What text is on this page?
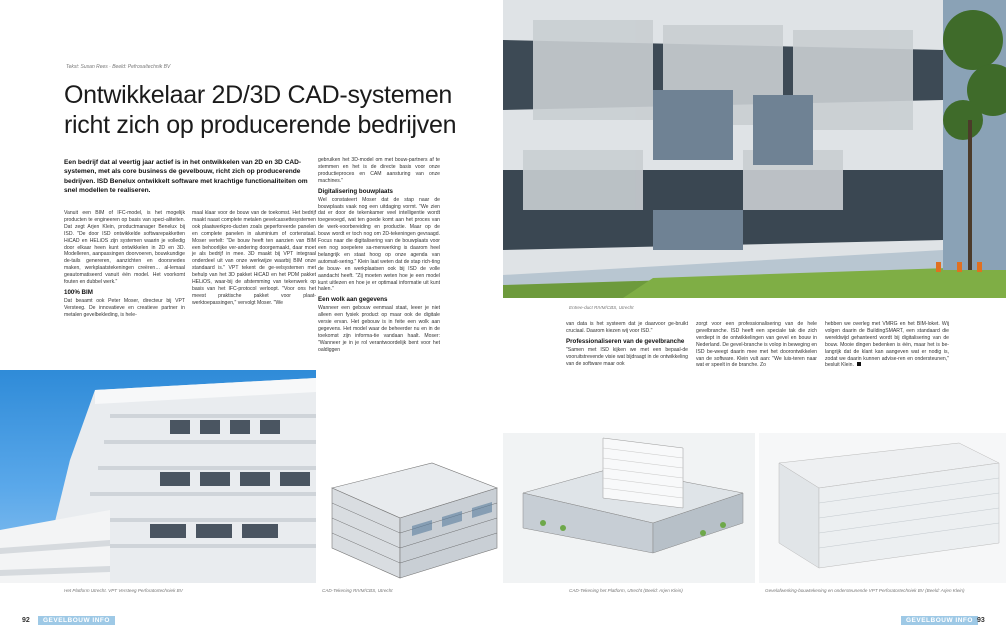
Tekst: Susan Rees · Beeld: Pefrosa/technik BV
Ontwikkelaar 2D/3D CAD-systemen
richt zich op producerende bedrijven
Een bedrijf dat al veertig jaar actief is in het ontwikkelen van 2D en 3D CAD-systemen, met als core business de gevelbouw, richt zich op producerende bedrijven. ISD Benelux ontwikkelt software met krachtige functionaliteiten om snel modellen te realiseren.

Vanuit een BIM of IFC-model, is het mogelijk producten te engineeren op basis van speci-aliteiten. Dat zegt Arjen Klein, productmanager Benelux bij ISD. "De door ISD ontwikkelde softwarepakketten HiCAD en HELiOS zijn systemen waarin je volledig door elkaar heen kunt ontwikkelen in 2D en 3D. Modelleren, aanpassingen doorvoeren, bouwkundige de-tails genereren, aanzichten en doorsnedes maken, werkplaatstekeningen creëren… al-lemaal geautomatiseerd vanuit één model. Het voorkomt fouten en dubbel werk."

100% BIM

Dat beaamt ook Peter Moser, directeur bij VPT Versteeg. De innovatieve en creatieve partner in metalen gevelbekleding, is hele-

maal klaar voor de bouw van de toekomst. Het bedrijf maakt naast complete metalen gevelcassettesystemen ook plaatwerkpro-ducten zoals geperforeerde panelen en complete panelen in aluminium of cortenstaal. Moser vertelt: "De bouw heeft ten aanzien van BIM een behoorlijke ver-andering doorgemaakt, daar moet je als bedrijf in mee. 3D maakt bij VPT integraal onderdeel uit van onze werkwijze waarbij BIM onze standaard is." VPT tekent de ge-velsystemen met behulp van het 3D pakket HiCAD en het PDM pakket HELiOS, waar-bij de afstemming van tekenwerk op basis van het IFC-protocol verloopt. "Voor ons het meest praktische pakket voor plaat-werktoepassingen," vervolgt Moser. "We

Het Platform Utrecht. VPT Versteeg Perforatortechniek BV	CAD-Tekening RIVM/CBS, Utrecht
92	GEVELBOUW INFO
Entree-duct RIVM/CBS, Utrecht

gebruiken het 3D-model om met bouw-partners af te stemmen en het is de directe basis voor onze productieproces en CAM aansturing van onze machines."

Digitalisering bouwplaats

Wel constateert Moser dat de stap naar de bouwplaats vaak nog een uitdaging vormt. "We zien dat er door de tekenkamer veel intelligentie wordt toegevoegd, wat ten goede komt aan het proces van de werk-voorbereiding en productie. Maar op de bouw wordt er toch nog om 2D-tekeningen gevraagd. Focus naar die digitalisering van de bouwplaats voor een nog soepelere sa-menwerking is daarom heel belangrijk en staat hoog op onze agenda van automati-sering." Klein laat weten dat de stap rich-ting de bouw- en werkplaatsen ook bij ISD de volle aandacht heeft. "Zij moeten weten hoe je een model kunt uitlezen en hoe je er optimaal informatie uit kunt halen."

Een wolk aan gegevens

Wanneer een gebouw eenmaal staat, leeer je niet alleen een fysiek product op maar ook de digitale versie ervan. Het gebouw is in feite een wolk aan gegevens. Het model waar de beheerder nu en in de toekomst zijn informa-tie vandaan haalt. Moser: "Wanneer je in je rol verantwoordelijk bent voor het oaldiggen

van data is het systeem dat je daarvoor ge-bruikt cruciaal. Daarom kiezen wij voor ISD."

Professionaliseren van de gevelbranche

"Samen met ISD kijken we met een bepaal-de vooruitstrevende visie wat bijdraagt in de ontwikkeling van de software maar ook

zorgt voor een professionalisering van de hele gevelbranche. ISD heeft een speciale tak die zich verdiept in de ontwikkelingen van gevel en bouw in Nederland. De gevel-branche is volop in beweging en ISD be-weegt daarin mee met het doorontwikkelen van de software. Klein vult aan: "We luis-teren naar wat er speelt in de branche. Zo

hebben we overleg met VMRG en het BIM-loket. Wij volgen daarin de BuildingSMART, een standaard die wereldwijd gehanteerd wordt bij digitalisering van de bouw. Mooie dingen bedenken is één, maar het is be-langrijk dat de klant kan aangeven wat er nodig is, zodat we daarin kunnen advise-ren en ondersteunen," besluit Klein.

CAD-Tekening het Platform, Utrecht (Beeld: Arjen Klein)	Gevelafwerking-bouwtekening en ondersteunende VPT Perforatortechniek BV (Beeld: Arjen Klein)
GEVELBOUW INFO 93
